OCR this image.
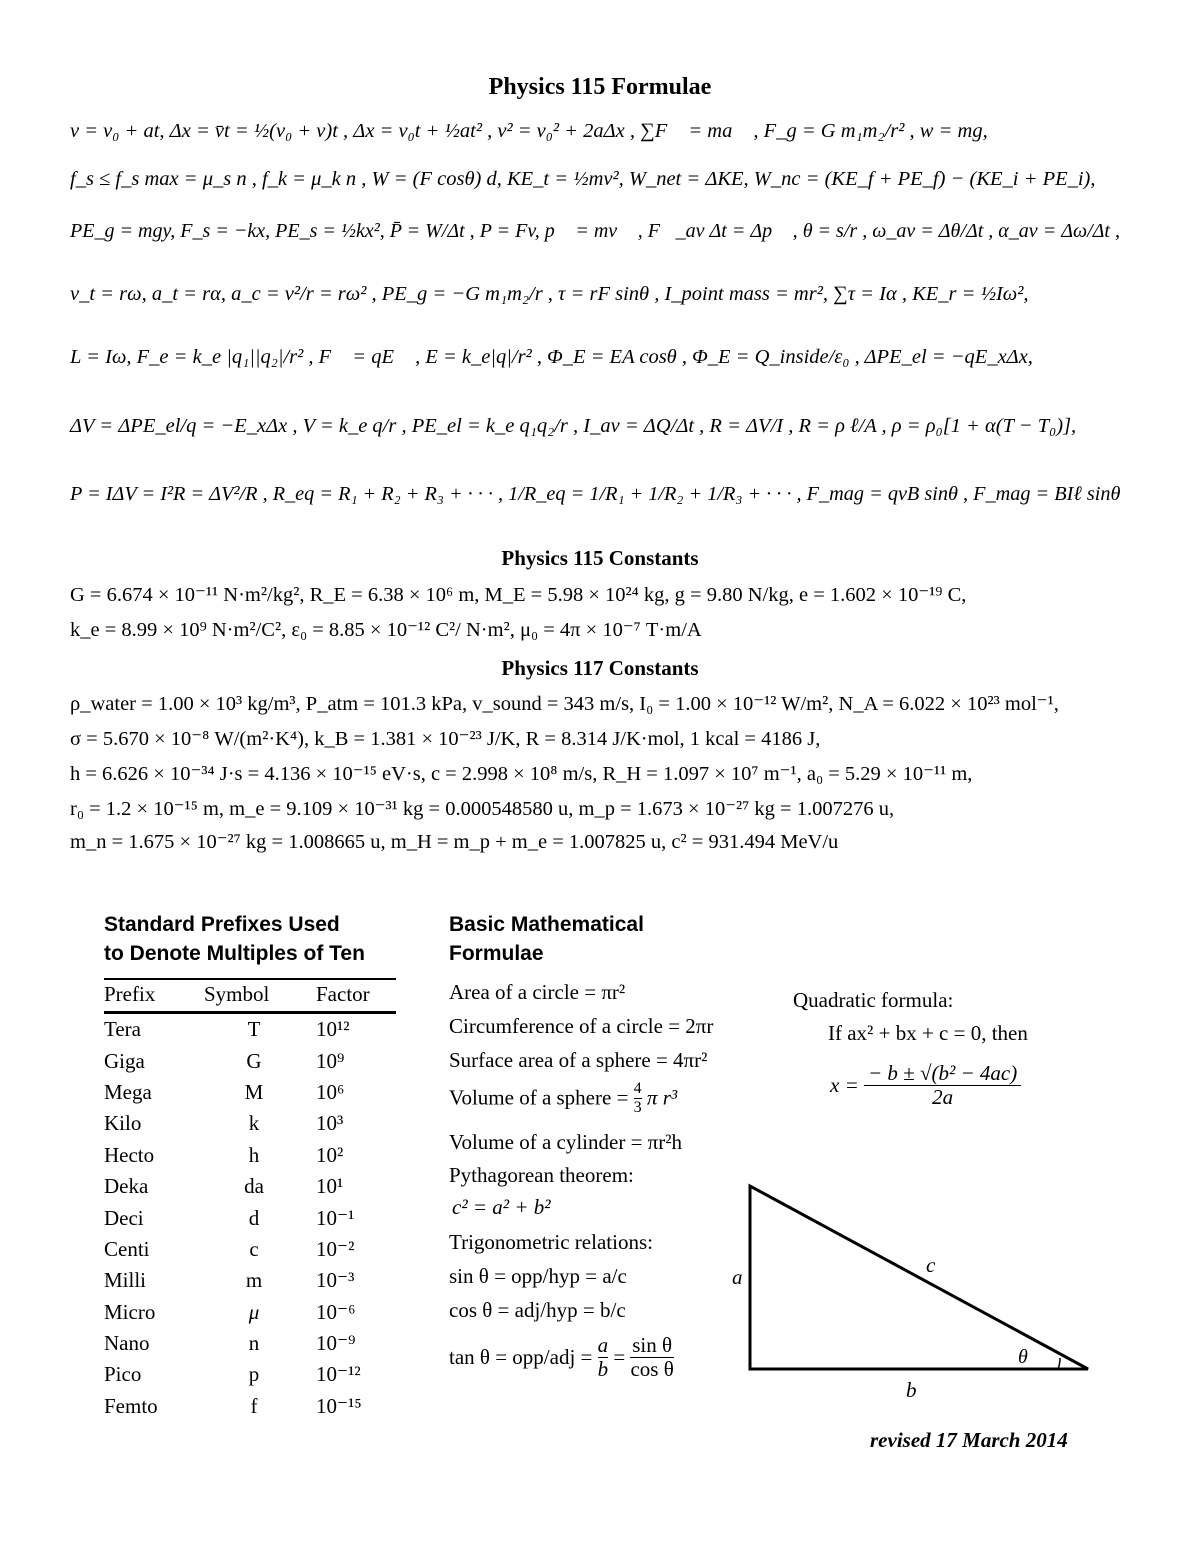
Physics 115 Formulae
v = v₀ + at, Δx = v̄t = ½(v₀ + v)t , Δx = v₀t + ½at² , v² = v₀² + 2aΔx , ∑F⃗ = ma⃗ , F_g = G m₁m₂/r² , w = mg,
f_s ≤ f_s max = μ_s n , f_k = μ_k n , W = (F cosθ) d, KE_t = ½mv², W_net = ΔKE, W_nc = (KE_f + PE_f) − (KE_i + PE_i),
PE_g = mgy, F_s = −kx, PE_s = ½kx², P̄ = W/Δt , P = Fv, p⃗ = mv⃗ , F⃗_av Δt = Δp⃗ , θ = s/r , ω_av = Δθ/Δt , α_av = Δω/Δt ,
v_t = rω, a_t = rα, a_c = v²/r = rω² , PE_g = −G m₁m₂/r , τ = rF sinθ , I_point mass = mr², ∑τ = Iα , KE_r = ½Iω²,
L = Iω, F_e = k_e |q₁||q₂|/r² , F⃗ = qE⃗ , E = k_e|q|/r² , Φ_E = EA cosθ , Φ_E = Q_inside/ε₀ , ΔPE_el = −qE_xΔx,
ΔV = ΔPE_el/q = −E_xΔx , V = k_e q/r , PE_el = k_e q₁q₂/r , I_av = ΔQ/Δt , R = ΔV/I , R = ρ ℓ/A , ρ = ρ₀[1 + α(T − T₀)],
P = IΔV = I²R = ΔV²/R , R_eq = R₁ + R₂ + R₃ + · · · , 1/R_eq = 1/R₁ + 1/R₂ + 1/R₃ + · · · , F_mag = qvB sinθ , F_mag = BIℓ sinθ
Physics 115 Constants
G = 6.674 × 10⁻¹¹ N·m²/kg², R_E = 6.38 × 10⁶ m, M_E = 5.98 × 10²⁴ kg, g = 9.80 N/kg, e = 1.602 × 10⁻¹⁹ C,
k_e = 8.99 × 10⁹ N·m²/C², ε₀ = 8.85 × 10⁻¹² C²/ N·m², μ₀ = 4π × 10⁻⁷ T·m/A
Physics 117 Constants
ρ_water = 1.00 × 10³ kg/m³, P_atm = 101.3 kPa, v_sound = 343 m/s, I₀ = 1.00 × 10⁻¹² W/m², N_A = 6.022 × 10²³ mol⁻¹,
σ = 5.670 × 10⁻⁸ W/(m²·K⁴), k_B = 1.381 × 10⁻²³ J/K, R = 8.314 J/K·mol, 1 kcal = 4186 J,
h = 6.626 × 10⁻³⁴ J·s = 4.136 × 10⁻¹⁵ eV·s, c = 2.998 × 10⁸ m/s, R_H = 1.097 × 10⁷ m⁻¹, a₀ = 5.29 × 10⁻¹¹ m,
r₀ = 1.2 × 10⁻¹⁵ m, m_e = 9.109 × 10⁻³¹ kg = 0.000548580 u, m_p = 1.673 × 10⁻²⁷ kg = 1.007276 u,
m_n = 1.675 × 10⁻²⁷ kg = 1.008665 u, m_H = m_p + m_e = 1.007825 u, c² = 931.494 MeV/u
Standard Prefixes Used
to Denote Multiples of Ten
Prefix	Symbol	Factor
Tera	T	10¹²
Giga	G	10⁹
Mega	M	10⁶
Kilo	k	10³
Hecto	h	10²
Deka	da	10¹
Deci	d	10⁻¹
Centi	c	10⁻²
Milli	m	10⁻³
Micro	μ	10⁻⁶
Nano	n	10⁻⁹
Pico	p	10⁻¹²
Femto	f	10⁻¹⁵
Basic Mathematical
Formulae
Area of a circle = πr²
Circumference of a circle = 2πr
Surface area of a sphere = 4πr²
Volume of a sphere = $\frac{4}{3}$ π r³
Volume of a cylinder = πr²h
Pythagorean theorem:
c² = a² + b²
Trigonometric relations:
sin θ = opp/hyp = a/c
cos θ = adj/hyp = b/c
$\tan \theta = opp/adj = \frac{a}{b} = \frac{\text{sin θ}}{\text{cos θ}}$
Quadratic formula:
If ax² + bx + c = 0, then
$x = \frac{\text{− b ± √(b² − 4ac)}}{2a}$
a
b
c
θ
revised 17 March 2014
